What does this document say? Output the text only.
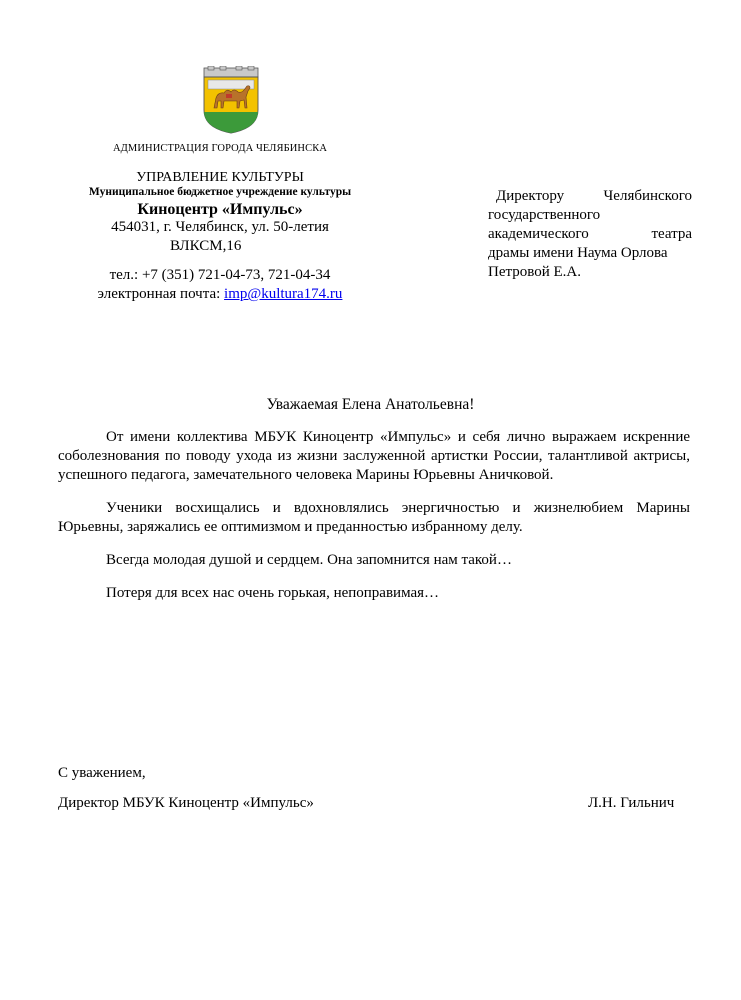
АДМИНИСТРАЦИЯ ГОРОДА ЧЕЛЯБИНСКА
УПРАВЛЕНИЕ КУЛЬТУРЫ
Муниципальное бюджетное учреждение культуры
Киноцентр «Импульс»
454031, г. Челябинск, ул. 50-летия
ВЛКСМ,16
тел.: +7 (351) 721-04-73, 721-04-34
электронная почта: imp@kultura174.ru
Директору	Челябинского
государственного
академического	театра
драмы имени Наума Орлова
Петровой Е.А.
Уважаемая Елена Анатольевна!

От имени коллектива МБУК Киноцентр «Импульс» и себя лично выражаем искренние соболезнования по поводу ухода из жизни заслуженной артистки России, талантливой актрисы, успешного педагога, замечательного человека Марины Юрьевны Аничковой.

Ученики восхищались и вдохновлялись энергичностью и жизнелюбием Марины Юрьевны, заряжались ее оптимизмом и преданностью избранному делу.

Всегда молодая душой и сердцем. Она запомнится нам такой…

Потеря для всех нас очень горькая, непоправимая…

С уважением,
Директор МБУК Киноцентр «Импульс»	Л.Н. Гильнич
